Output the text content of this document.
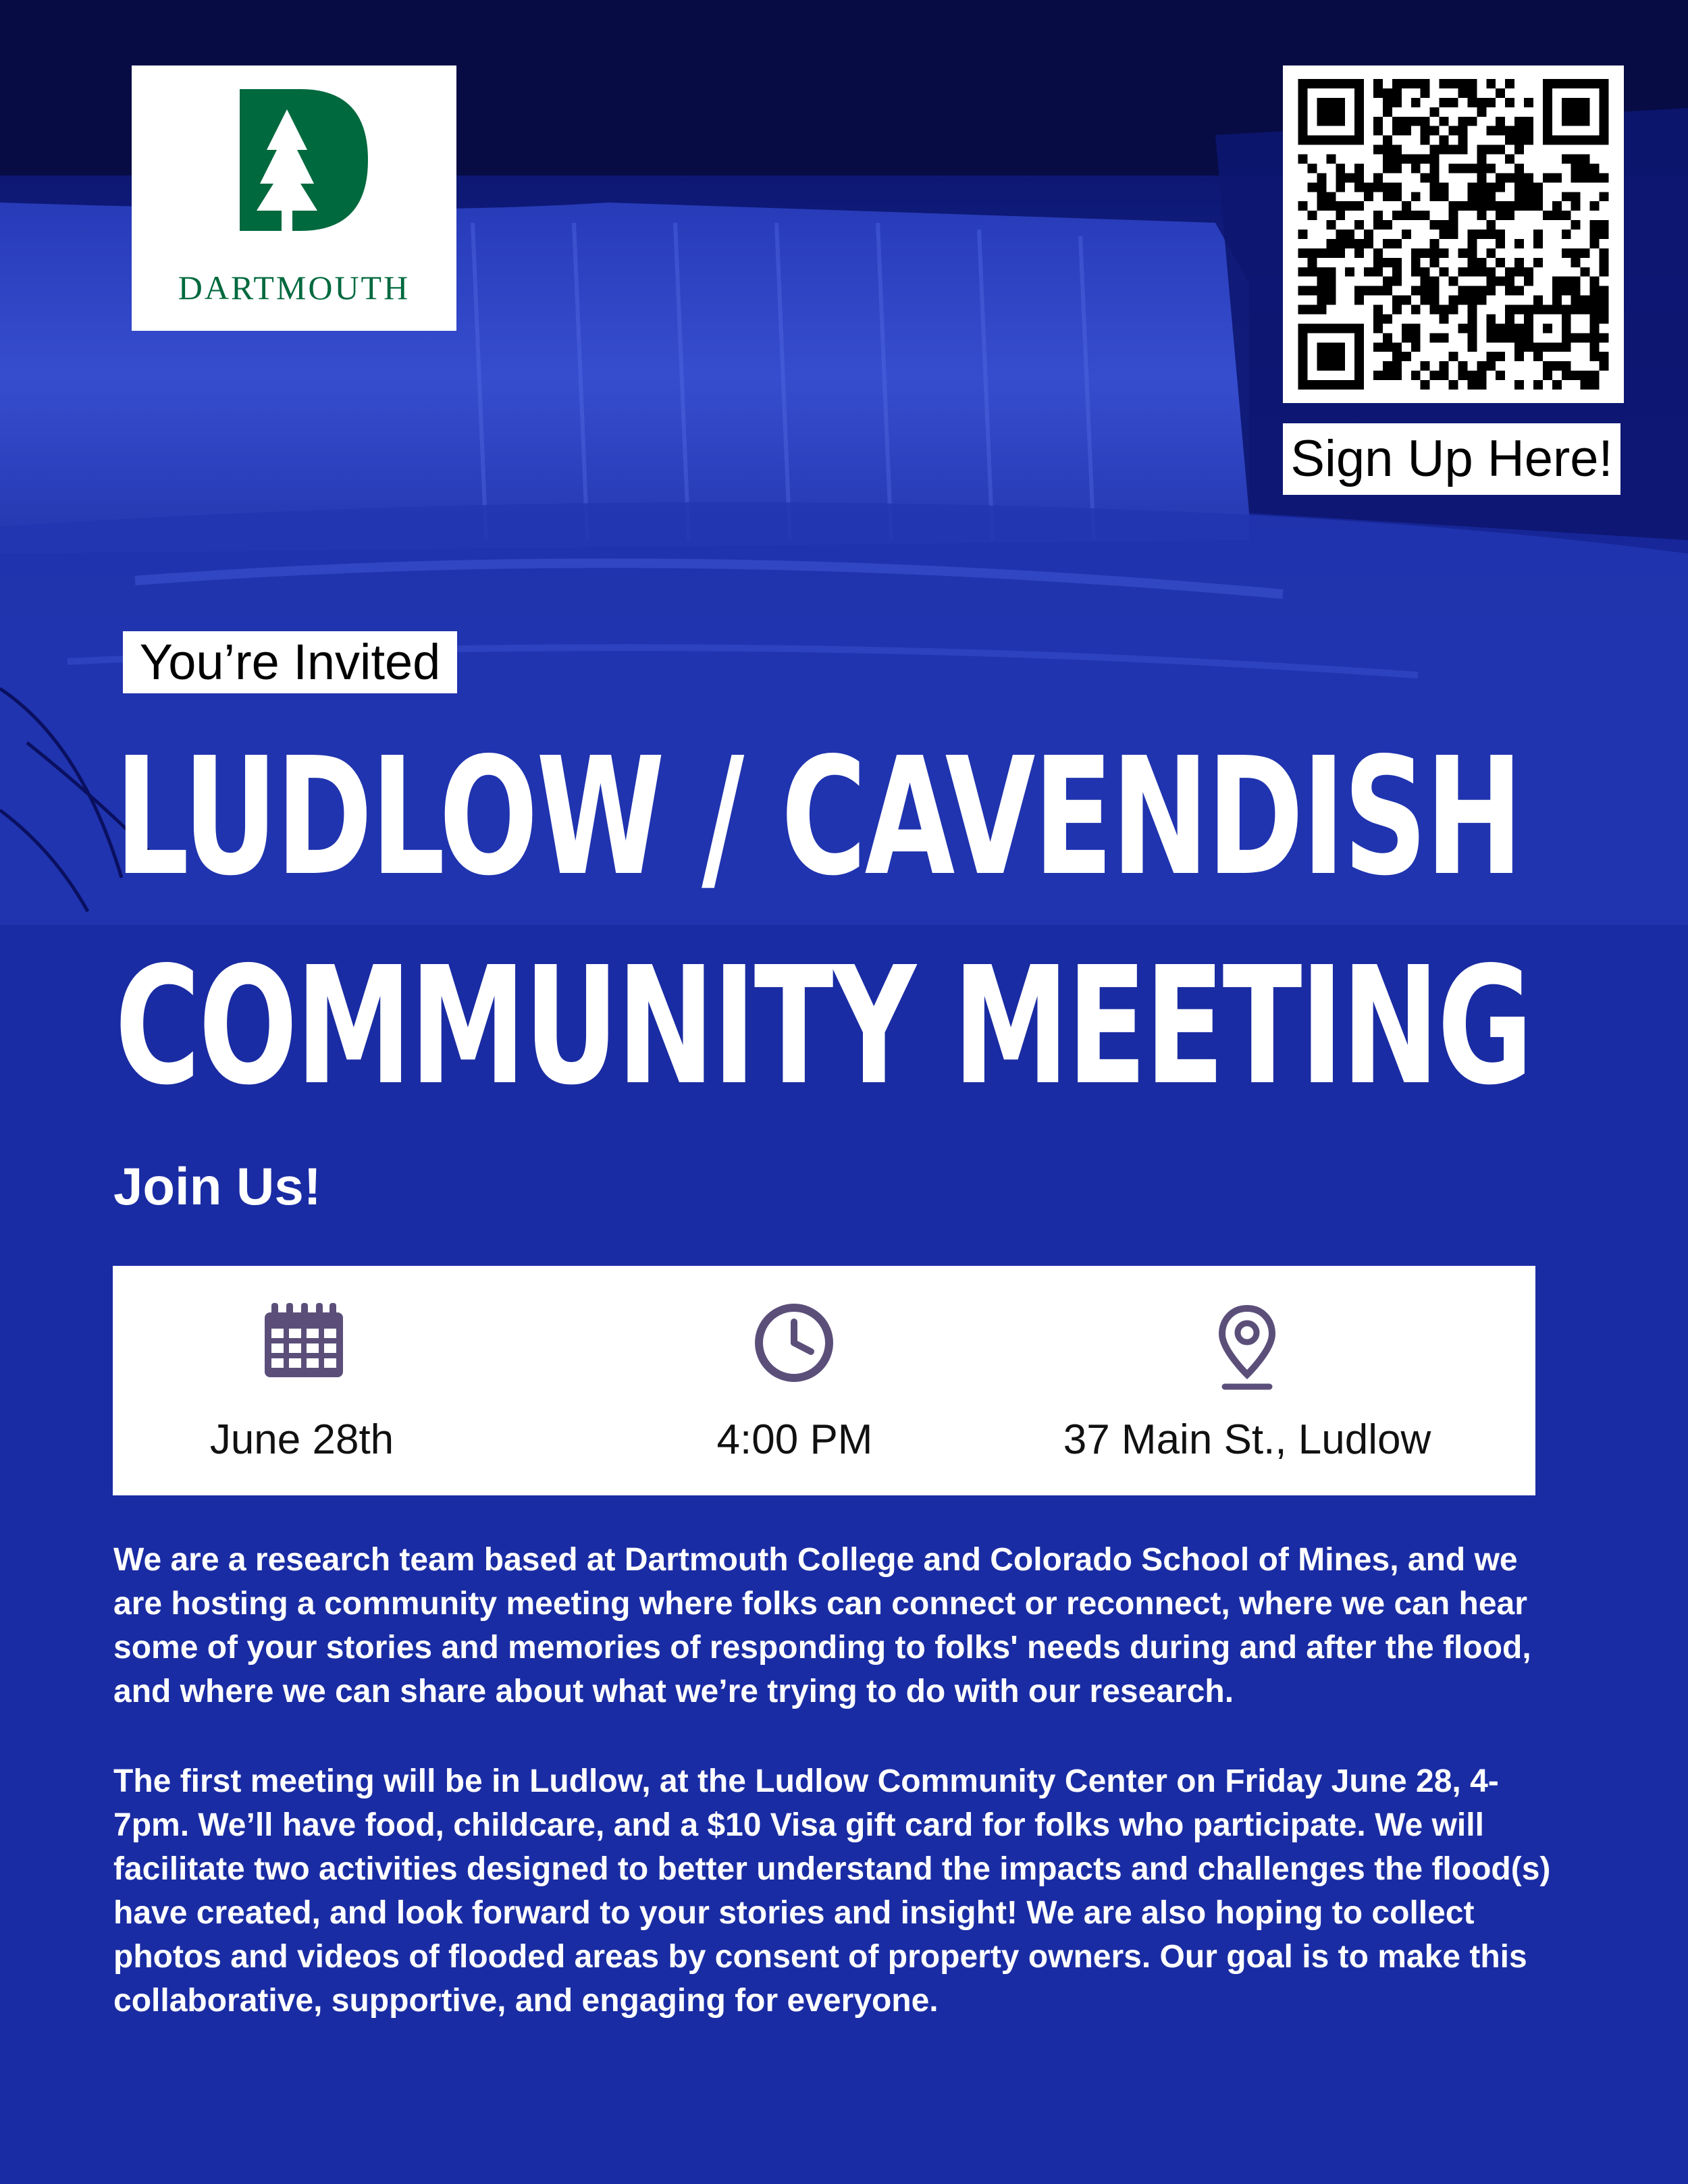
DARTMOUTH
Sign Up Here!
You’re Invited
LUDLOW / CAVENDISH
COMMUNITY MEETING
Join Us!
June 28th	4:00 PM	37 Main St., Ludlow
We are a research team based at Dartmouth College and Colorado School of Mines, and we are hosting a community meeting where folks can connect or reconnect, where we can hear some of your stories and memories of responding to folks' needs during and after the flood, and where we can share about what we’re trying to do with our research.
The first meeting will be in Ludlow, at the Ludlow Community Center on Friday June 28, 4-7pm. We’ll have food, childcare, and a $10 Visa gift card for folks who participate. We will facilitate two activities designed to better understand the impacts and challenges the flood(s) have created, and look forward to your stories and insight! We are also hoping to collect photos and videos of flooded areas by consent of property owners. Our goal is to make this collaborative, supportive, and engaging for everyone.
